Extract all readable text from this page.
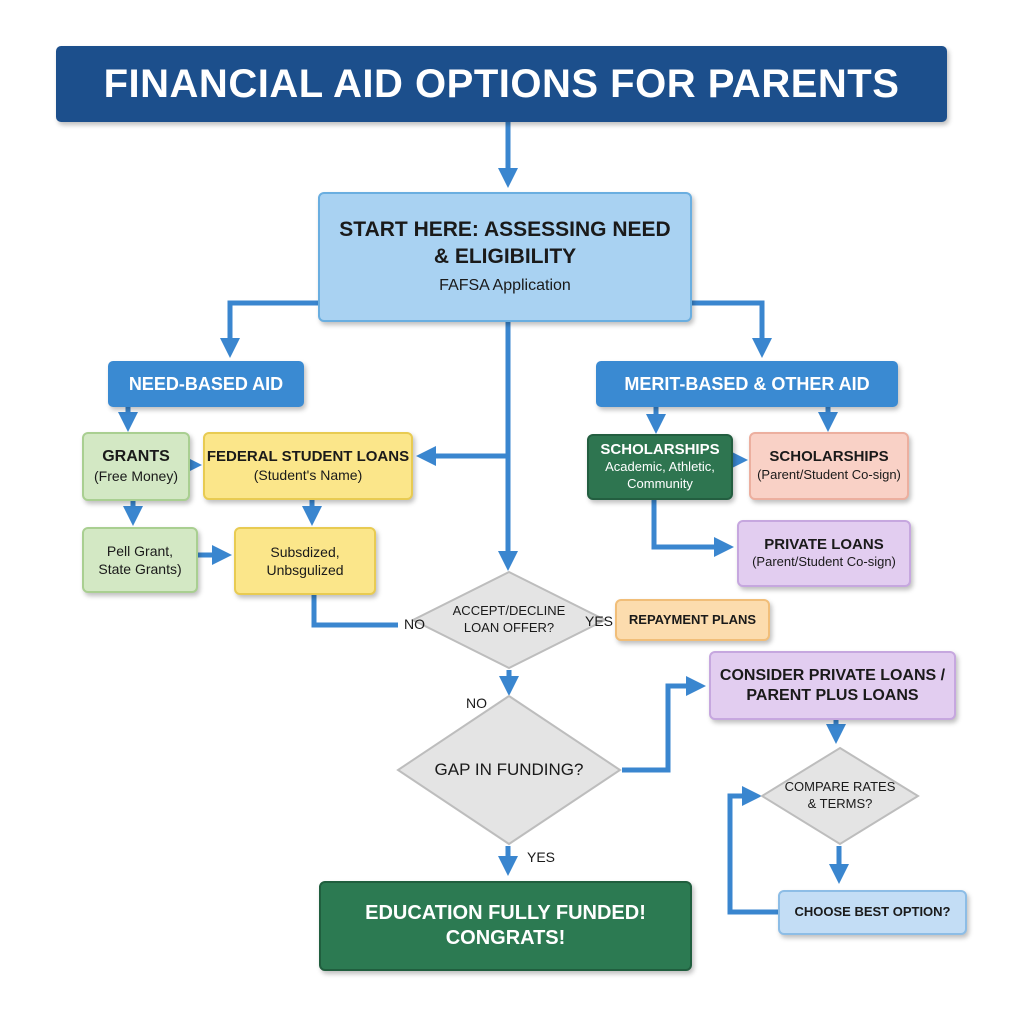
FINANCIAL AID OPTIONS FOR PARENTS
START HERE: ASSESSING NEED
& ELIGIBILITY
FAFSA Application
NEED-BASED AID
GRANTS
(Free Money)
FEDERAL STUDENT LOANS
(Student's Name)
Pell Grant,
State Grants)
Subsdized,
Unbsgulized
MERIT-BASED & OTHER AID
SCHOLARSHIPS
Academic, Athletic,
Community
SCHOLARSHIPS
(Parent/Student Co-sign)
PRIVATE LOANS
(Parent/Student Co-sign)
ACCEPT/DECLINE
LOAN OFFER?
REPAYMENT PLANS
GAP IN FUNDING?
CONSIDER PRIVATE LOANS /
PARENT PLUS LOANS
COMPARE RATES
& TERMS?
CHOOSE BEST OPTION?
EDUCATION FULLY FUNDED!
CONGRATS!
NO	YES
NO
YES
